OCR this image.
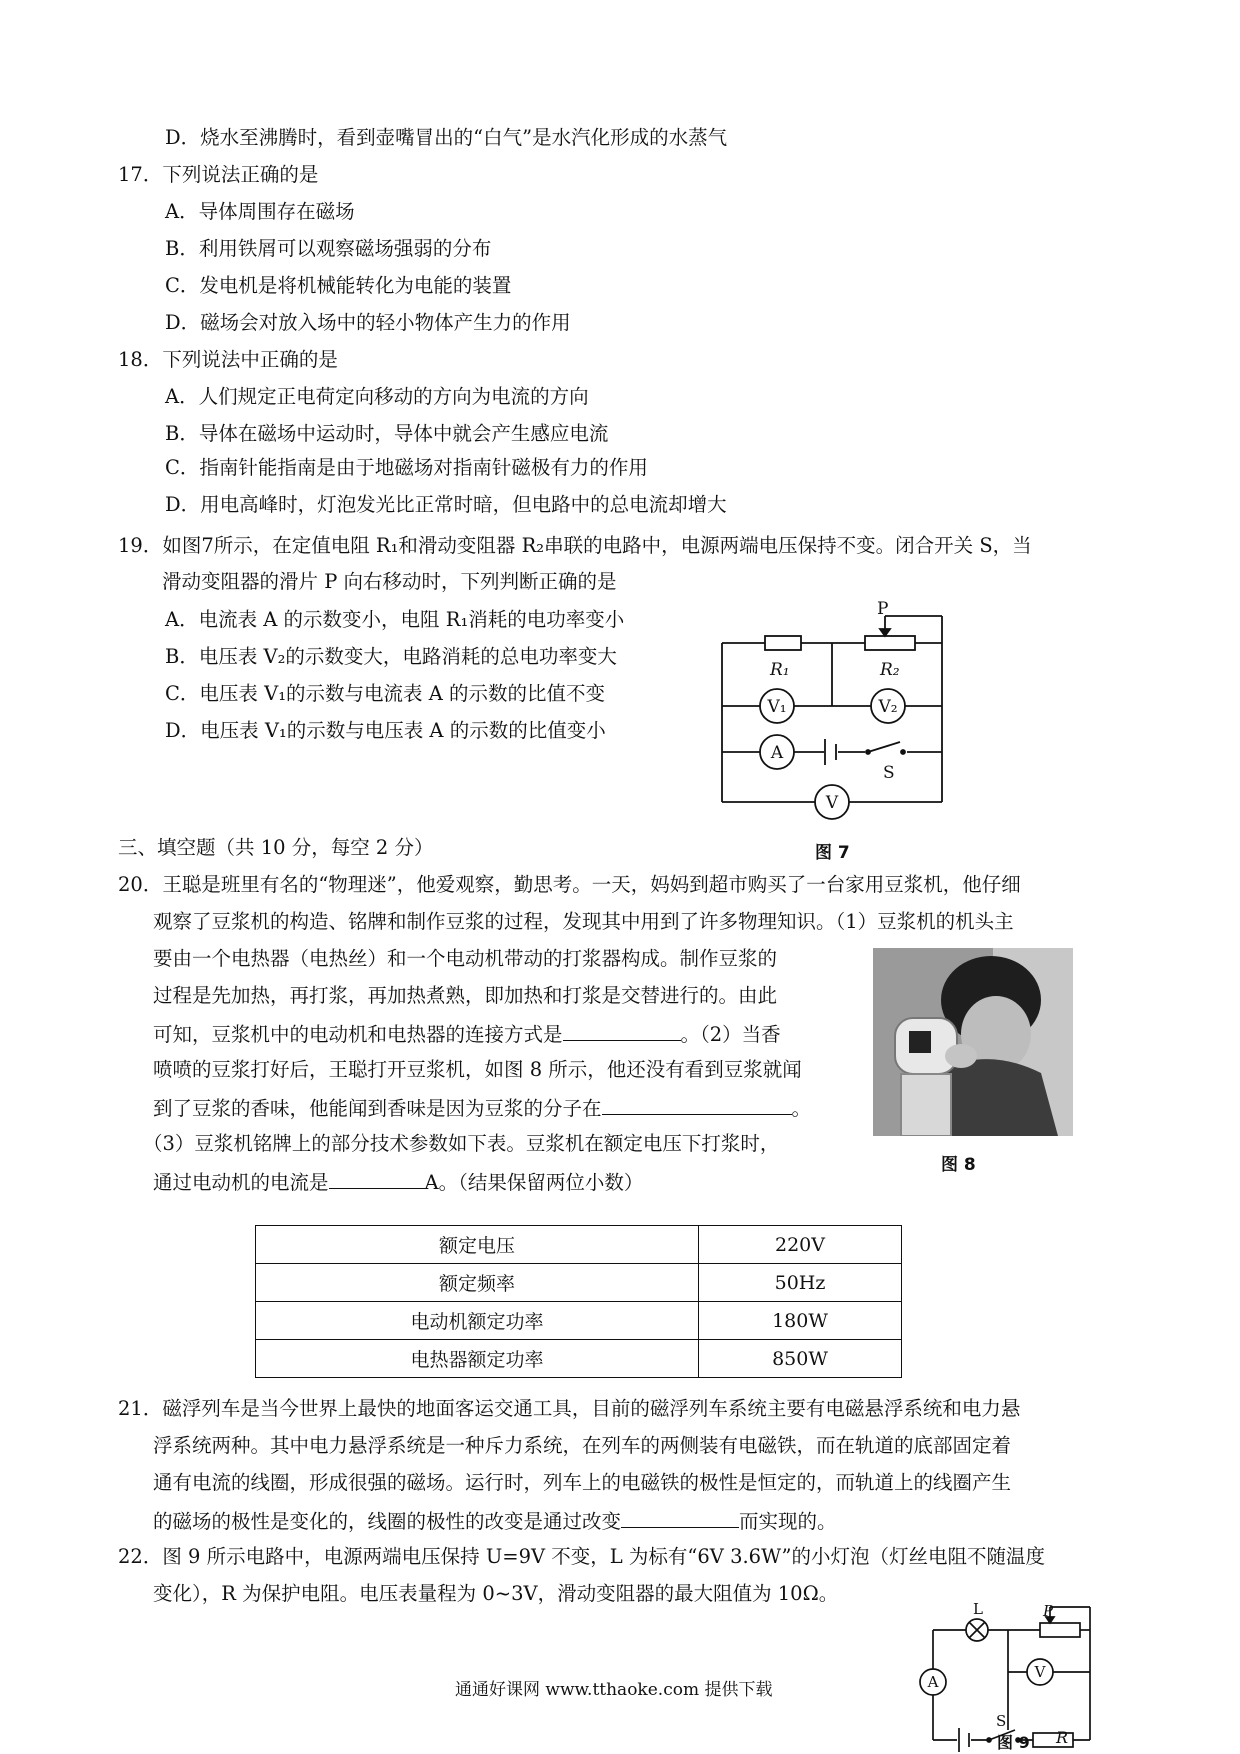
D．烧水至沸腾时，看到壶嘴冒出的“白气”是水汽化形成的水蒸气
17．下列说法正确的是
A．导体周围存在磁场
B．利用铁屑可以观察磁场强弱的分布
C．发电机是将机械能转化为电能的装置
D．磁场会对放入场中的轻小物体产生力的作用
18．下列说法中正确的是
A．人们规定正电荷定向移动的方向为电流的方向
B．导体在磁场中运动时，导体中就会产生感应电流
C．指南针能指南是由于地磁场对指南针磁极有力的作用
D．用电高峰时，灯泡发光比正常时暗，但电路中的总电流却增大
19．如图7所示，在定值电阻 R₁和滑动变阻器 R₂串联的电路中，电源两端电压保持不变。闭合开关 S，当
滑动变阻器的滑片 P 向右移动时，下列判断正确的是
A．电流表 A 的示数变小，电阻 R₁消耗的电功率变小
B．电压表 V₂的示数变大，电路消耗的总电功率变大
C．电压表 V₁的示数与电流表 A 的示数的比值不变
D．电压表 V₁的示数与电压表 A 的示数的比值变小
P
R₁	R₂
V₁	V₂
A
S
V
图 7
三、填空题（共 10 分，每空 2 分）
20．王聪是班里有名的“物理迷”，他爱观察，勤思考。一天，妈妈到超市购买了一台家用豆浆机，他仔细
观察了豆浆机的构造、铭牌和制作豆浆的过程，发现其中用到了许多物理知识。（1）豆浆机的机头主
要由一个电热器（电热丝）和一个电动机带动的打浆器构成。制作豆浆的
过程是先加热，再打浆，再加热煮熟，即加热和打浆是交替进行的。由此
可知，豆浆机中的电动机和电热器的连接方式是	。（2）当香
喷喷的豆浆打好后，王聪打开豆浆机，如图 8 所示，他还没有看到豆浆就闻
到了豆浆的香味，他能闻到香味是因为豆浆的分子在	。
（3）豆浆机铭牌上的部分技术参数如下表。豆浆机在额定电压下打浆时，
通过电动机的电流是	A。（结果保留两位小数）
图 8
额定电压	220V
额定频率	50Hz
电动机额定功率	180W
电热器额定功率	850W
21．磁浮列车是当今世界上最快的地面客运交通工具，目前的磁浮列车系统主要有电磁悬浮系统和电力悬
浮系统两种。其中电力悬浮系统是一种斥力系统，在列车的两侧装有电磁铁，而在轨道的底部固定着
通有电流的线圈，形成很强的磁场。运行时，列车上的电磁铁的极性是恒定的，而轨道上的线圈产生
的磁场的极性是变化的，线圈的极性的改变是通过改变	而实现的。
22．图 9 所示电路中，电源两端电压保持 U=9V 不变，L 为标有“6V 3.6W”的小灯泡（灯丝电阻不随温度
变化），R 为保护电阻。电压表量程为 0~3V，滑动变阻器的最大阻值为 10Ω。
L	P
V
A
S
图 9 R
通通好课网 www.tthaoke.com 提供下载
